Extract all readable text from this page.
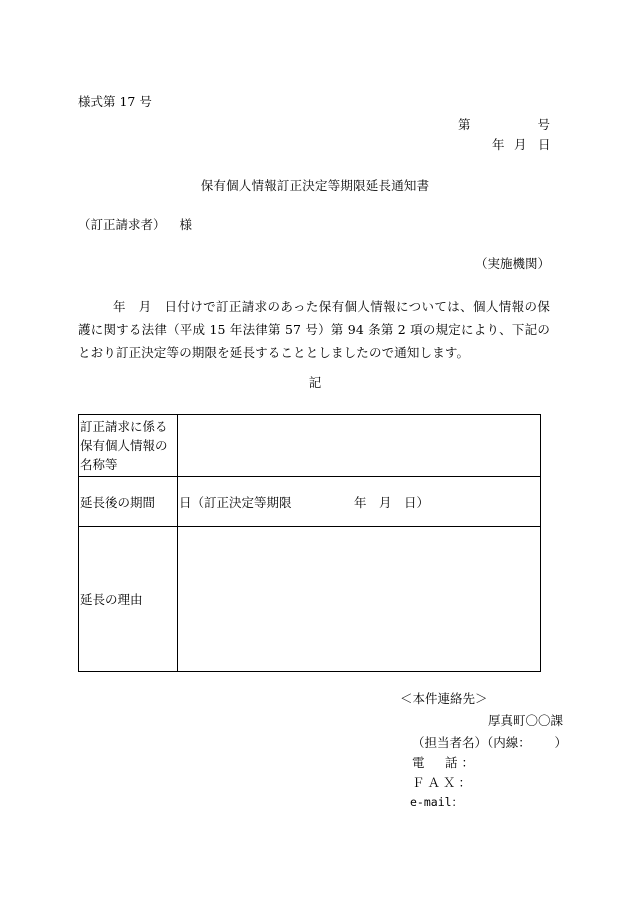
様式第 17 号
第	号
年 月 日
保有個人情報訂正決定等期限延長通知書
（訂正請求者） 様
（実施機関）
年　月　日付けで訂正請求のあった保有個人情報については、個人情報の保護に関する法律（平成 15 年法律第 57 号）第 94 条第 2 項の規定により、下記のとおり訂正決定等の期限を延長することとしましたので通知します。
記
訂正請求に係る保有個人情報の名称等	
延長後の期間	日（訂正決定等期限　　　　　年　月　日）
延長の理由	
＜本件連絡先＞
厚真町〇〇課
（担当者名）（内線： ）
電　話：
ＦＡＸ：
e-mail：
